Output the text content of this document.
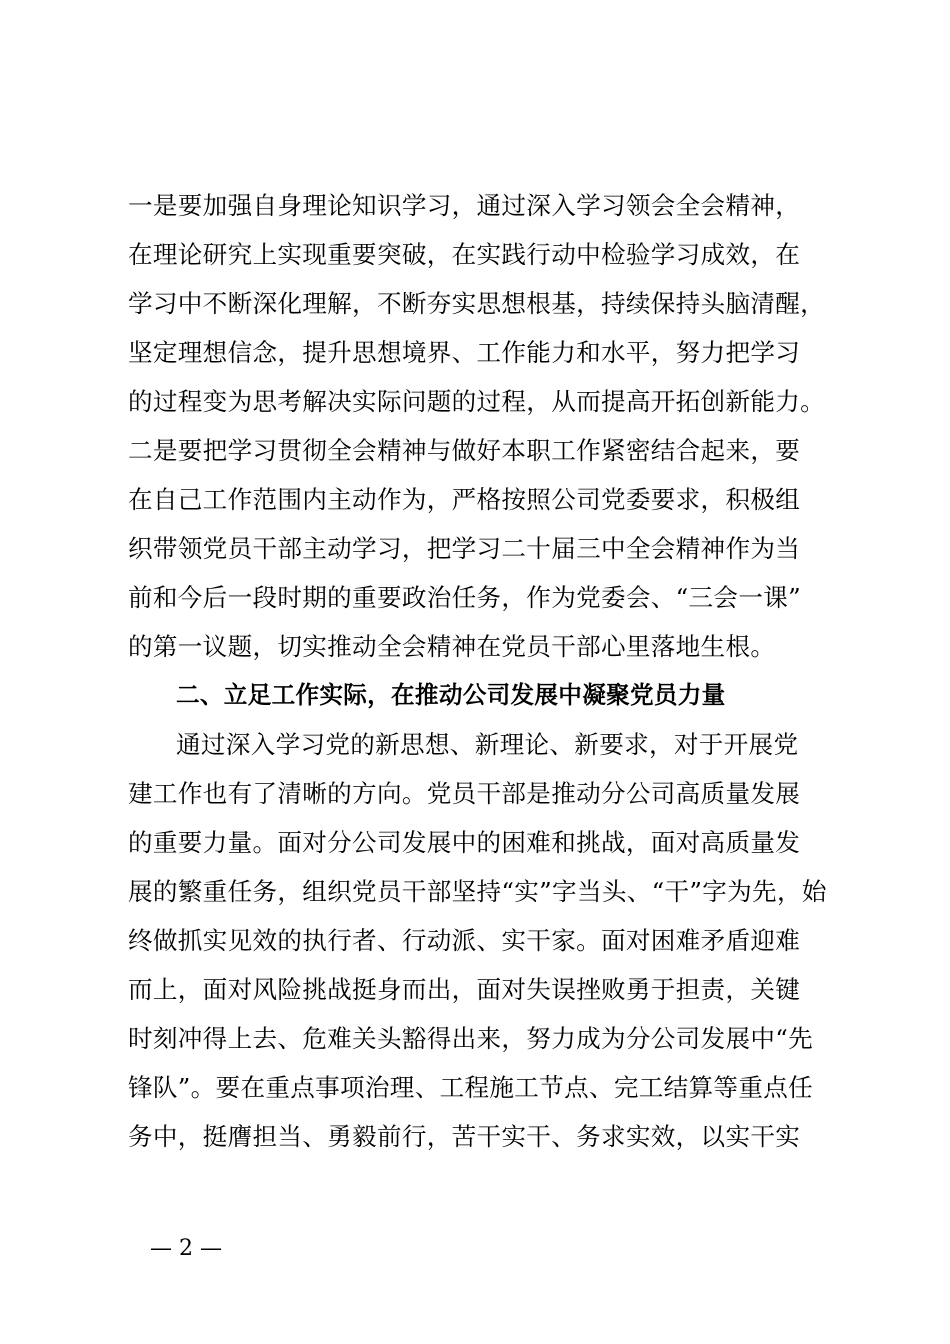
一是要加强自身理论知识学习，通过深入学习领会全会精神，
在理论研究上实现重要突破，在实践行动中检验学习成效，在
学习中不断深化理解，不断夯实思想根基，持续保持头脑清醒，
坚定理想信念，提升思想境界、工作能力和水平，努力把学习
的过程变为思考解决实际问题的过程，从而提高开拓创新能力。
二是要把学习贯彻全会精神与做好本职工作紧密结合起来，要
在自己工作范围内主动作为，严格按照公司党委要求，积极组
织带领党员干部主动学习，把学习二十届三中全会精神作为当
前和今后一段时期的重要政治任务，作为党委会、“三会一课”
的第一议题，切实推动全会精神在党员干部心里落地生根。
二、立足工作实际，在推动公司发展中凝聚党员力量
通过深入学习党的新思想、新理论、新要求，对于开展党
建工作也有了清晰的方向。党员干部是推动分公司高质量发展
的重要力量。面对分公司发展中的困难和挑战，面对高质量发
展的繁重任务，组织党员干部坚持“实”字当头、“干”字为先，始
终做抓实见效的执行者、行动派、实干家。面对困难矛盾迎难
而上，面对风险挑战挺身而出，面对失误挫败勇于担责，关键
时刻冲得上去、危难关头豁得出来，努力成为分公司发展中“先
锋队”。要在重点事项治理、工程施工节点、完工结算等重点任
务中，挺膺担当、勇毅前行，苦干实干、务求实效，以实干实
— 2 —
